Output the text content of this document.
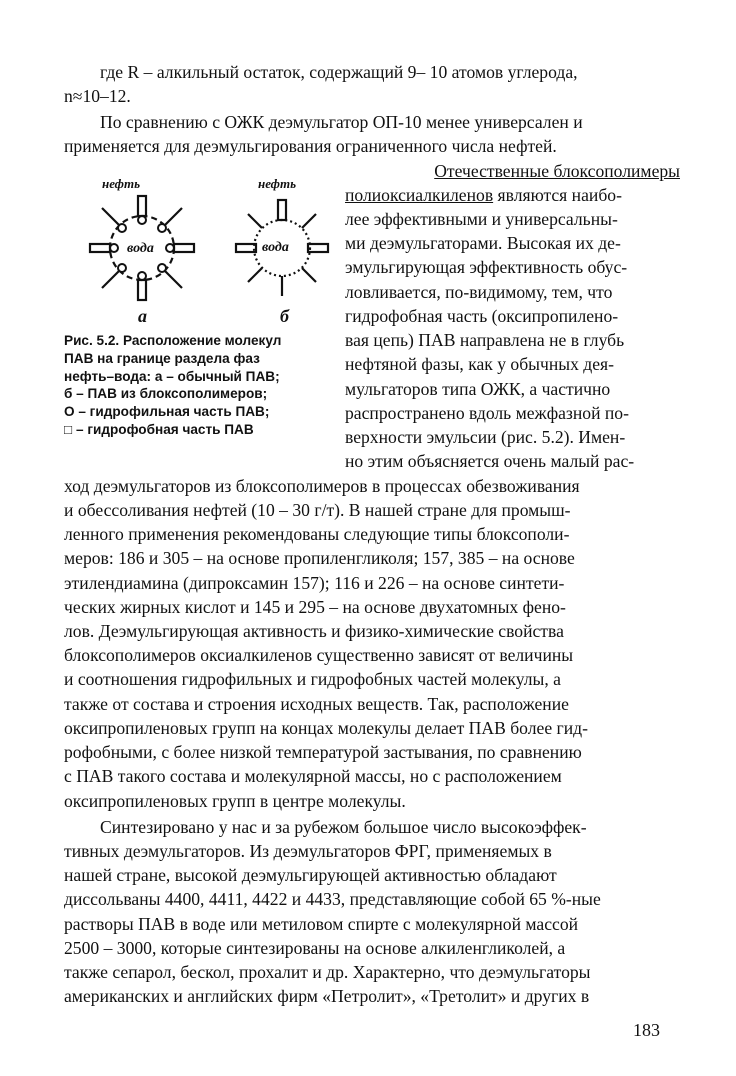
где R – алкильный остаток, содержащий 9– 10 атомов углерода,
n≈10–12.
По сравнению с ОЖК деэмульгатор ОП-10 менее универсален и
применяется для деэмульгирования ограниченного числа нефтей.
Отечественные блоксополимеры
полиоксиалкиленов являются наибо-
лее эффективными и универсальны-
ми деэмульгаторами. Высокая их де-
эмульгирующая эффективность обус-
ловливается, по-видимому, тем, что
гидрофобная часть (оксипропилено-
вая цепь) ПАВ направлена не в глубь
нефтяной фазы, как у обычных дея-
мульгаторов типа ОЖК, а частично
распространено вдоль межфазной по-
верхности эмульсии (рис. 5.2). Имен-
но этим объясняется очень малый рас-
нефть	нефть
вода	вода
а	б
Рис. 5.2. Расположение молекул
ПАВ на границе раздела фаз
нефть–вода: а – обычный ПАВ;
б – ПАВ из блоксополимеров;
О – гидрофильная часть ПАВ;
□ – гидрофобная часть ПАВ
ход деэмульгаторов из блоксополимеров в процессах обезвоживания
и обессоливания нефтей (10 – 30 г/т). В нашей стране для промыш-
ленного применения рекомендованы следующие типы блоксополи-
меров: 186 и 305 – на основе пропиленгликоля; 157, 385 – на основе
этилендиамина (дипроксамин 157); 116 и 226 – на основе синтети-
ческих жирных кислот и 145 и 295 – на основе двухатомных фено-
лов. Деэмульгирующая активность и физико-химические свойства
блоксополимеров оксиалкиленов существенно зависят от величины
и соотношения гидрофильных и гидрофобных частей молекулы, а
также от состава и строения исходных веществ. Так, расположение
оксипропиленовых групп на концах молекулы делает ПАВ более гид-
рофобными, с более низкой температурой застывания, по сравнению
с ПАВ такого состава и молекулярной массы, но с расположением
оксипропиленовых групп в центре молекулы.
Синтезировано у нас и за рубежом большое число высокоэффек-
тивных деэмульгаторов. Из деэмульгаторов ФРГ, применяемых в
нашей стране, высокой деэмульгирующей активностью обладают
диссольваны 4400, 4411, 4422 и 4433, представляющие собой 65 %-ные
растворы ПАВ в воде или метиловом спирте с молекулярной массой
2500 – 3000, которые синтезированы на основе алкиленгликолей, а
также сепарол, бескол, прохалит и др. Характерно, что деэмульгаторы
американских и английских фирм «Петролит», «Третолит» и других в
183
